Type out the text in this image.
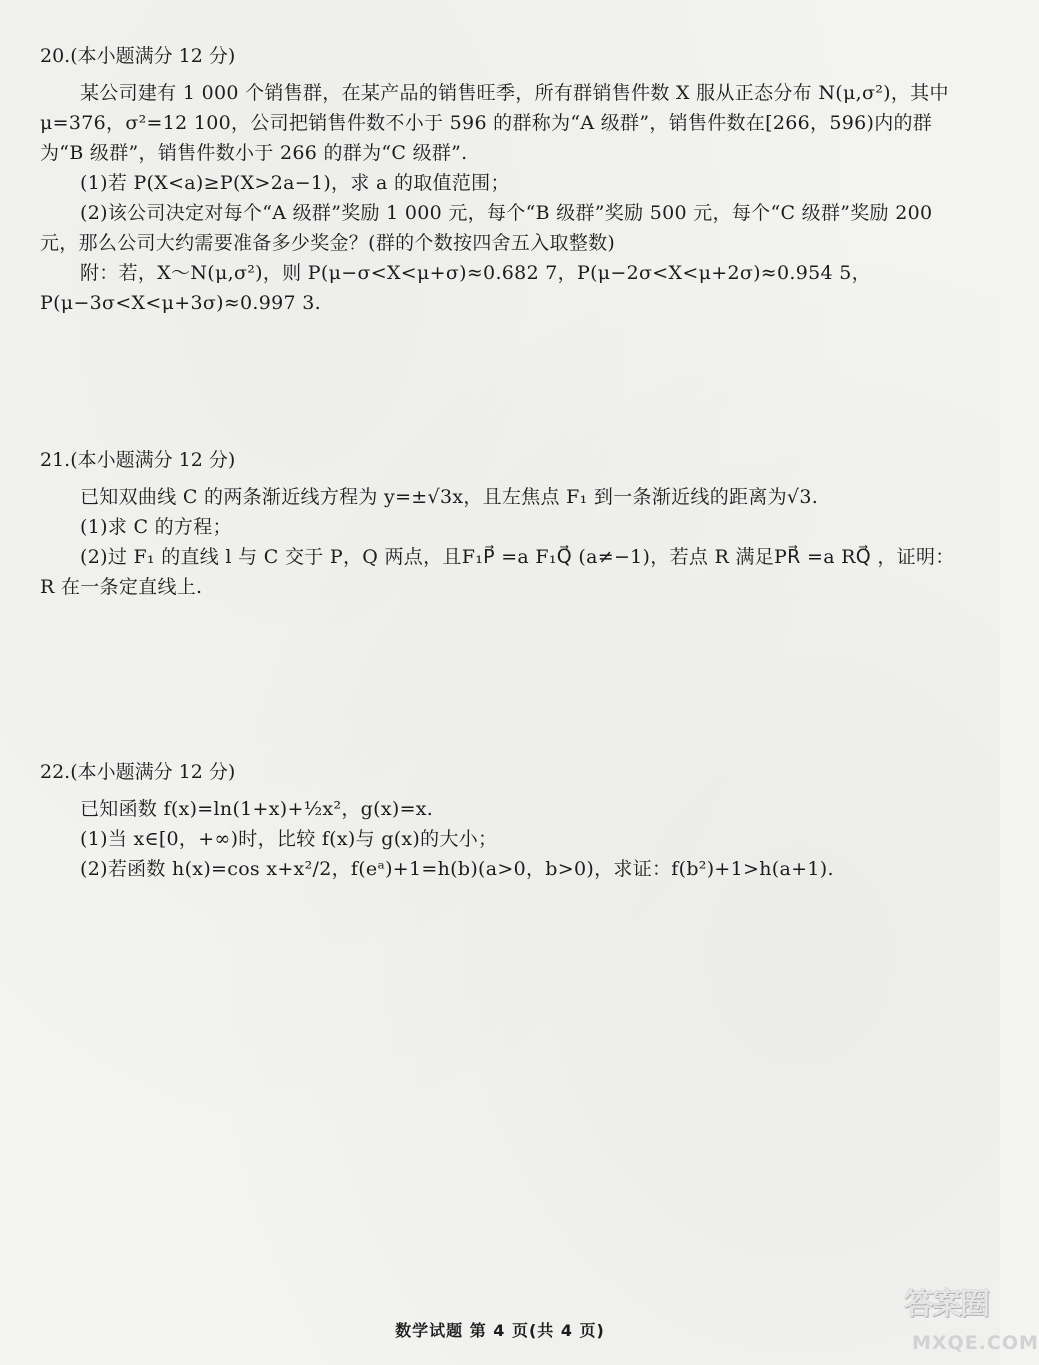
20.(本小题满分 12 分)

某公司建有 1 000 个销售群，在某产品的销售旺季，所有群销售件数 X 服从正态分布 N(μ,σ²)，其中 μ=376，σ²=12 100，公司把销售件数不小于 596 的群称为“A 级群”，销售件数在[266，596)内的群为“B 级群”，销售件数小于 266 的群为“C 级群”.

(1)若 P(X<a)≥P(X>2a−1)，求 a 的取值范围；

(2)该公司决定对每个“A 级群”奖励 1 000 元，每个“B 级群”奖励 500 元，每个“C 级群”奖励 200 元，那么公司大约需要准备多少奖金？(群的个数按四舍五入取整数)

附：若，X～N(μ,σ²)，则 P(μ−σ<X<μ+σ)≈0.682 7，P(μ−2σ<X<μ+2σ)≈0.954 5，P(μ−3σ<X<μ+3σ)≈0.997 3.

21.(本小题满分 12 分)

已知双曲线 C 的两条渐近线方程为 y=±√3x，且左焦点 F₁ 到一条渐近线的距离为√3.

(1)求 C 的方程；

(2)过 F₁ 的直线 l 与 C 交于 P，Q 两点，且F₁P⃗ =a F₁Q⃗ (a≠−1)，若点 R 满足PR⃗ =a RQ⃗ ，证明：R 在一条定直线上.

22.(本小题满分 12 分)

已知函数 f(x)=ln(1+x)+½x²，g(x)=x.

(1)当 x∈[0，+∞)时，比较 f(x)与 g(x)的大小；

(2)若函数 h(x)=cos x+x²/2，f(eᵃ)+1=h(b)(a>0，b>0)，求证：f(b²)+1>h(a+1).

数学试题 第 4 页(共 4 页)
答案圈
MXQE.COM
